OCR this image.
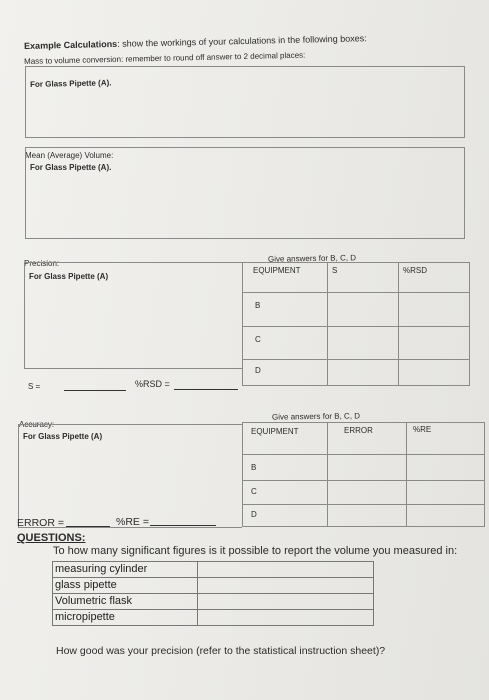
Example Calculations: show the workings of your calculations in the following boxes:
Mass to volume conversion: remember to round off answer to 2 decimal places:
For Glass Pipette (A).
Mean (Average) Volume:
For Glass Pipette (A).
Precision:
For Glass Pipette (A)
Give answers for B, C, D
EQUIPMENT	S	%RSD

B		

C		

D		

S =	%RSD =
Accuracy:
For Glass Pipette (A)
Give answers for B, C, D
EQUIPMENT	ERROR	%RE

B		

C		

D		

ERROR =	%RE =
QUESTIONS:
To how many significant figures is it possible to report the volume you measured in:
measuring cylinder	
glass pipette	
Volumetric flask	
micropipette	
How good was your precision (refer to the statistical instruction sheet)?
